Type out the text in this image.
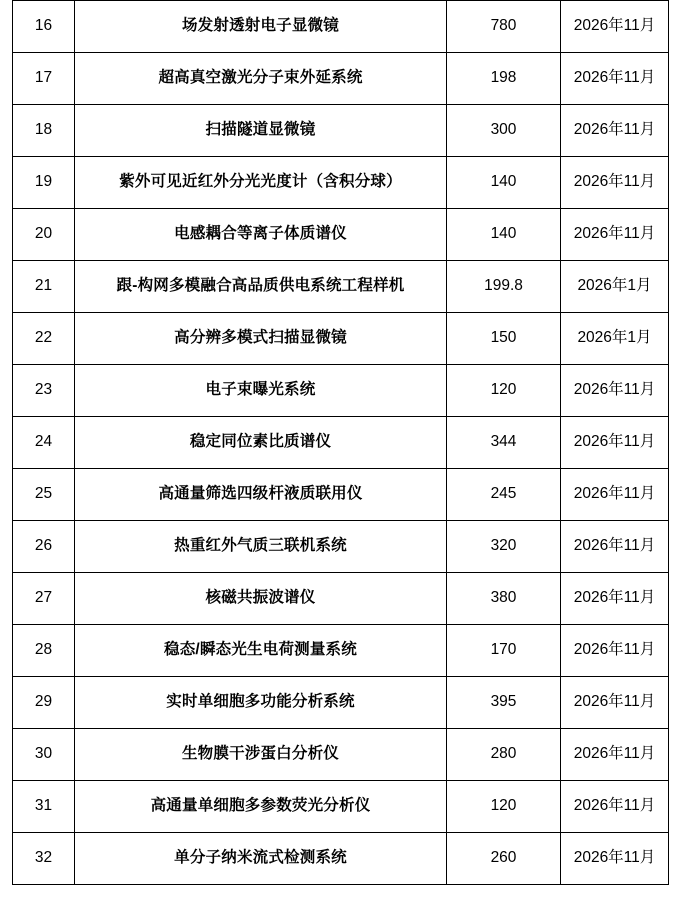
16	场发射透射电子显微镜	780	2026年11月
17	超高真空激光分子束外延系统	198	2026年11月
18	扫描隧道显微镜	300	2026年11月
19	紫外可见近红外分光光度计（含积分球）	140	2026年11月
20	电感耦合等离子体质谱仪	140	2026年11月
21	跟-构网多模融合高品质供电系统工程样机	199.8	2026年1月
22	高分辨多模式扫描显微镜	150	2026年1月
23	电子束曝光系统	120	2026年11月
24	稳定同位素比质谱仪	344	2026年11月
25	高通量筛选四级杆液质联用仪	245	2026年11月
26	热重红外气质三联机系统	320	2026年11月
27	核磁共振波谱仪	380	2026年11月
28	稳态/瞬态光生电荷测量系统	170	2026年11月
29	实时单细胞多功能分析系统	395	2026年11月
30	生物膜干涉蛋白分析仪	280	2026年11月
31	高通量单细胞多参数荧光分析仪	120	2026年11月
32	单分子纳米流式检测系统	260	2026年11月
